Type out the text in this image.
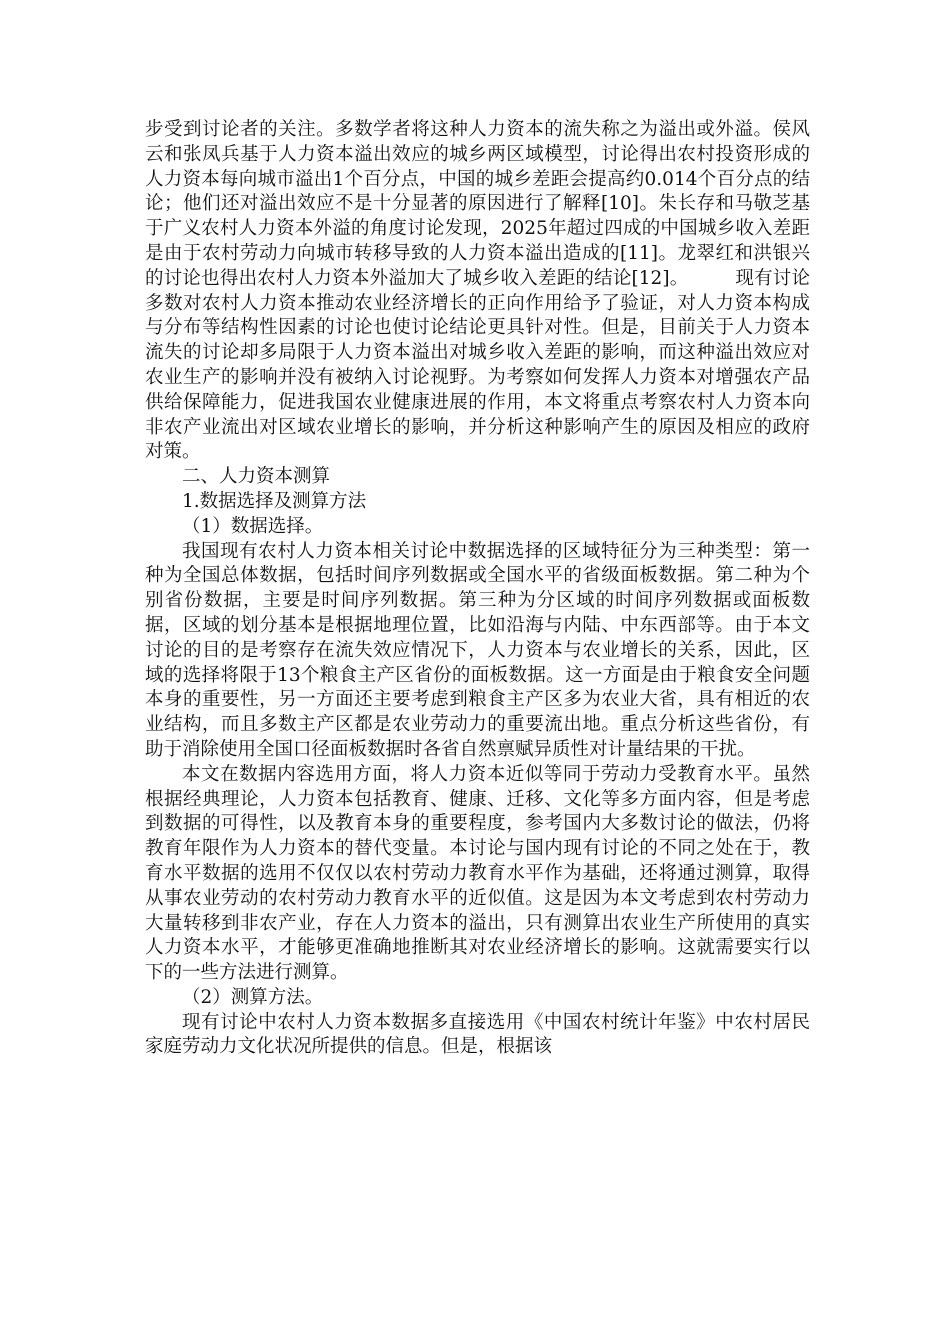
步受到讨论者的关注。多数学者将这种人力资本的流失称之为溢出或外溢。侯风云和张凤兵基于人力资本溢出效应的城乡两区域模型，讨论得出农村投资形成的人力资本每向城市溢出1个百分点，中国的城乡差距会提高约0.014个百分点的结论；他们还对溢出效应不是十分显著的原因进行了解释[10]。朱长存和马敬芝基于广义农村人力资本外溢的角度讨论发现，2025年超过四成的中国城乡收入差距是由于农村劳动力向城市转移导致的人力资本溢出造成的[11]。龙翠红和洪银兴的讨论也得出农村人力资本外溢加大了城乡收入差距的结论[12]。　　　现有讨论多数对农村人力资本推动农业经济增长的正向作用给予了验证，对人力资本构成与分布等结构性因素的讨论也使讨论结论更具针对性。但是，目前关于人力资本流失的讨论却多局限于人力资本溢出对城乡收入差距的影响，而这种溢出效应对农业生产的影响并没有被纳入讨论视野。为考察如何发挥人力资本对增强农产品供给保障能力，促进我国农业健康进展的作用，本文将重点考察农村人力资本向非农产业流出对区域农业增长的影响，并分析这种影响产生的原因及相应的政府对策。

二、人力资本测算

1.数据选择及测算方法

（1）数据选择。

我国现有农村人力资本相关讨论中数据选择的区域特征分为三种类型：第一种为全国总体数据，包括时间序列数据或全国水平的省级面板数据。第二种为个别省份数据，主要是时间序列数据。第三种为分区域的时间序列数据或面板数据，区域的划分基本是根据地理位置，比如沿海与内陆、中东西部等。由于本文讨论的目的是考察存在流失效应情况下，人力资本与农业增长的关系，因此，区域的选择将限于13个粮食主产区省份的面板数据。这一方面是由于粮食安全问题本身的重要性，另一方面还主要考虑到粮食主产区多为农业大省，具有相近的农业结构，而且多数主产区都是农业劳动力的重要流出地。重点分析这些省份，有助于消除使用全国口径面板数据时各省自然禀赋异质性对计量结果的干扰。

本文在数据内容选用方面，将人力资本近似等同于劳动力受教育水平。虽然根据经典理论，人力资本包括教育、健康、迁移、文化等多方面内容，但是考虑到数据的可得性，以及教育本身的重要程度，参考国内大多数讨论的做法，仍将教育年限作为人力资本的替代变量。本讨论与国内现有讨论的不同之处在于，教育水平数据的选用不仅仅以农村劳动力教育水平作为基础，还将通过测算，取得从事农业劳动的农村劳动力教育水平的近似值。这是因为本文考虑到农村劳动力大量转移到非农产业，存在人力资本的溢出，只有测算出农业生产所使用的真实人力资本水平，才能够更准确地推断其对农业经济增长的影响。这就需要实行以下的一些方法进行测算。

（2）测算方法。

现有讨论中农村人力资本数据多直接选用《中国农村统计年鉴》中农村居民家庭劳动力文化状况所提供的信息。但是，根据该
